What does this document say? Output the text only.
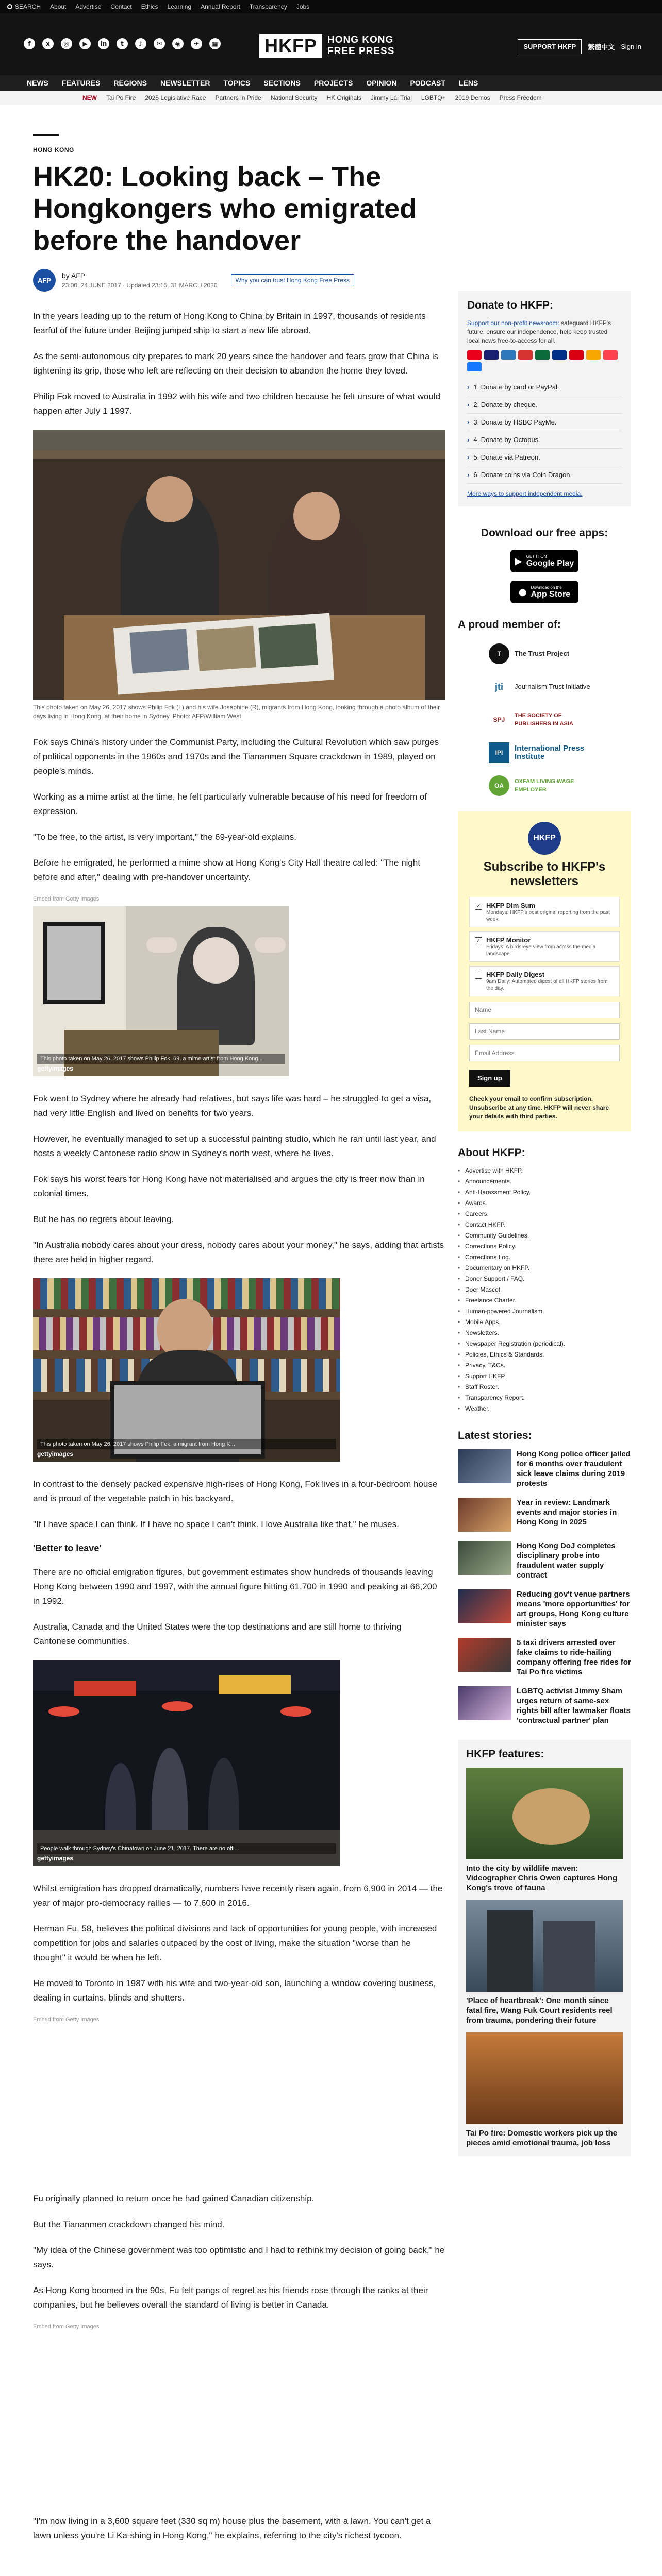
SEARCH About Advertise Contact Ethics Learning Annual Report Transparency Jobs
f	x	◎	▶	in	t	♪	✉	◉	✈	▦	HKFP	HONG KONG
FREE PRESS	SUPPORT HKFP	繁體中文 Sign in
NEWS FEATURES REGIONS NEWSLETTER TOPICS SECTIONS PROJECTS OPINION PODCAST LENS
NEW Tai Po Fire 2025 Legislative Race Partners in Pride National Security HK Originals Jimmy Lai Trial LGBTQ+ 2019 Demos Press Freedom
HONG KONG
HK20: Looking back – The Hongkongers who emigrated before the handover
AFP
by AFP
23:00, 24 JUNE 2017 · Updated 23:15, 31 MARCH 2020
Why you can trust Hong Kong Free Press

In the years leading up to the return of Hong Kong to China by Britain in 1997, thousands of residents fearful of the future under Beijing jumped ship to start a new life abroad.

As the semi-autonomous city prepares to mark 20 years since the handover and fears grow that China is tightening its grip, those who left are reflecting on their decision to abandon the home they loved.

Philip Fok moved to Australia in 1992 with his wife and two children because he felt unsure of what would happen after July 1 1997.

This photo taken on May 26, 2017 shows Philip Fok (L) and his wife Josephine (R), migrants from Hong Kong, looking through a photo album of their days living in Hong Kong, at their home in Sydney. Photo: AFP/William West.

Fok says China's history under the Communist Party, including the Cultural Revolution which saw purges of political opponents in the 1960s and 1970s and the Tiananmen Square crackdown in 1989, played on people's minds.

Working as a mime artist at the time, he felt particularly vulnerable because of his need for freedom of expression.

"To be free, to the artist, is very important," the 69-year-old explains.

Before he emigrated, he performed a mime show at Hong Kong's City Hall theatre called: "The night before and after," dealing with pre-handover uncertainty.

Embed from Getty Images

This photo taken on May 26, 2017 shows Philip Fok, 69, a mime artist from Hong Kong...
gettyimages

Fok went to Sydney where he already had relatives, but says life was hard – he struggled to get a visa, had very little English and lived on benefits for two years.

However, he eventually managed to set up a successful painting studio, which he ran until last year, and hosts a weekly Cantonese radio show in Sydney's north west, where he lives.

Fok says his worst fears for Hong Kong have not materialised and argues the city is freer now than in colonial times.

But he has no regrets about leaving.

"In Australia nobody cares about your dress, nobody cares about your money," he says, adding that artists there are held in higher regard.

This photo taken on May 26, 2017 shows Philip Fok, a migrant from Hong K...
gettyimages

In contrast to the densely packed expensive high-rises of Hong Kong, Fok lives in a four-bedroom house and is proud of the vegetable patch in his backyard.

"If I have space I can think. If I have no space I can't think. I love Australia like that," he muses.

'Better to leave'

There are no official emigration figures, but government estimates show hundreds of thousands leaving Hong Kong between 1990 and 1997, with the annual figure hitting 61,700 in 1990 and peaking at 66,200 in 1992.

Australia, Canada and the United States were the top destinations and are still home to thriving Cantonese communities.

People walk through Sydney's Chinatown on June 21, 2017. There are no offi...
gettyimages

Whilst emigration has dropped dramatically, numbers have recently risen again, from 6,900 in 2014 — the year of major pro-democracy rallies — to 7,600 in 2016.

Herman Fu, 58, believes the political divisions and lack of opportunities for young people, with increased competition for jobs and salaries outpaced by the cost of living, make the situation "worse than he thought" it would be when he left.

He moved to Toronto in 1987 with his wife and two-year-old son, launching a window covering business, dealing in curtains, blinds and shutters.

Embed from Getty Images

Fu originally planned to return once he had gained Canadian citizenship.

But the Tiananmen crackdown changed his mind.

"My idea of the Chinese government was too optimistic and I had to rethink my decision of going back," he says.

As Hong Kong boomed in the 90s, Fu felt pangs of regret as his friends rose through the ranks at their companies, but he believes overall the standard of living is better in Canada.

Embed from Getty Images

"I'm now living in a 3,600 square feet (330 sq m) house plus the basement, with a lawn. You can't get a lawn unless you're Li Ka-shing in Hong Kong," he explains, referring to the city's richest tycoon.

Donate to HKFP:

Support our non-profit newsroom: safeguard HKFP's future, ensure our independence, help keep trusted local news free-to-access for all.

› 1. Donate by card or PayPal.
› 2. Donate by cheque.
› 3. Donate by HSBC PayMe.
› 4. Donate by Octopus.
› 5. Donate via Patreon.
› 6. Donate coins via Coin Dragon.

More ways to support independent media.

Download our free apps:
▶ GET IT ON
Google Play
● Download on the
App Store
A proud member of:
T	The Trust Project
jti	Journalism Trust Initiative
SPJ
THE SOCIETY OF PUBLISHERS IN ASIA
IPI	International Press Institute
OA
OXFAM LIVING WAGE EMPLOYER
HKFP
Subscribe to HKFP's newsletters
✓ HKFP Dim Sum
Mondays: HKFP's best original reporting from the past week.
✓ HKFP Monitor
Fridays: A birds-eye view from across the media landscape.
HKFP Daily Digest
9am Daily: Automated digest of all HKFP stories from the day.
Name
Last Name
Email Address Sign up

Check your email to confirm subscription. Unsubscribe at any time. HKFP will never share your details with third parties.

About HKFP:
• Advertise with HKFP.
• Announcements.
• Anti-Harassment Policy.
• Awards.
• Careers.
• Contact HKFP.
• Community Guidelines.
• Corrections Policy.
• Corrections Log.
• Documentary on HKFP.
• Donor Support / FAQ.
• Doer Mascot.
• Freelance Charter.
• Human-powered Journalism.
• Mobile Apps.
• Newsletters.
• Newspaper Registration (periodical).
• Policies, Ethics & Standards.
• Privacy, T&Cs.
• Support HKFP.
• Staff Roster.
• Transparency Report.
• Weather.
Latest stories:
Hong Kong police officer jailed for 6 months over fraudulent sick leave claims during 2019 protests
Year in review: Landmark events and major stories in Hong Kong in 2025
Hong Kong DoJ completes disciplinary probe into fraudulent water supply contract
Reducing gov't venue partners means 'more opportunities' for art groups, Hong Kong culture minister says
5 taxi drivers arrested over fake claims to ride-hailing company offering free rides for Tai Po fire victims
LGBTQ activist Jimmy Sham urges return of same-sex rights bill after lawmaker floats 'contractual partner' plan
HKFP features:
Into the city by wildlife maven: Videographer Chris Owen captures Hong Kong's trove of fauna
'Place of heartbreak': One month since fatal fire, Wang Fuk Court residents reel from trauma, pondering their future
Tai Po fire: Domestic workers pick up the pieces amid emotional trauma, job loss
